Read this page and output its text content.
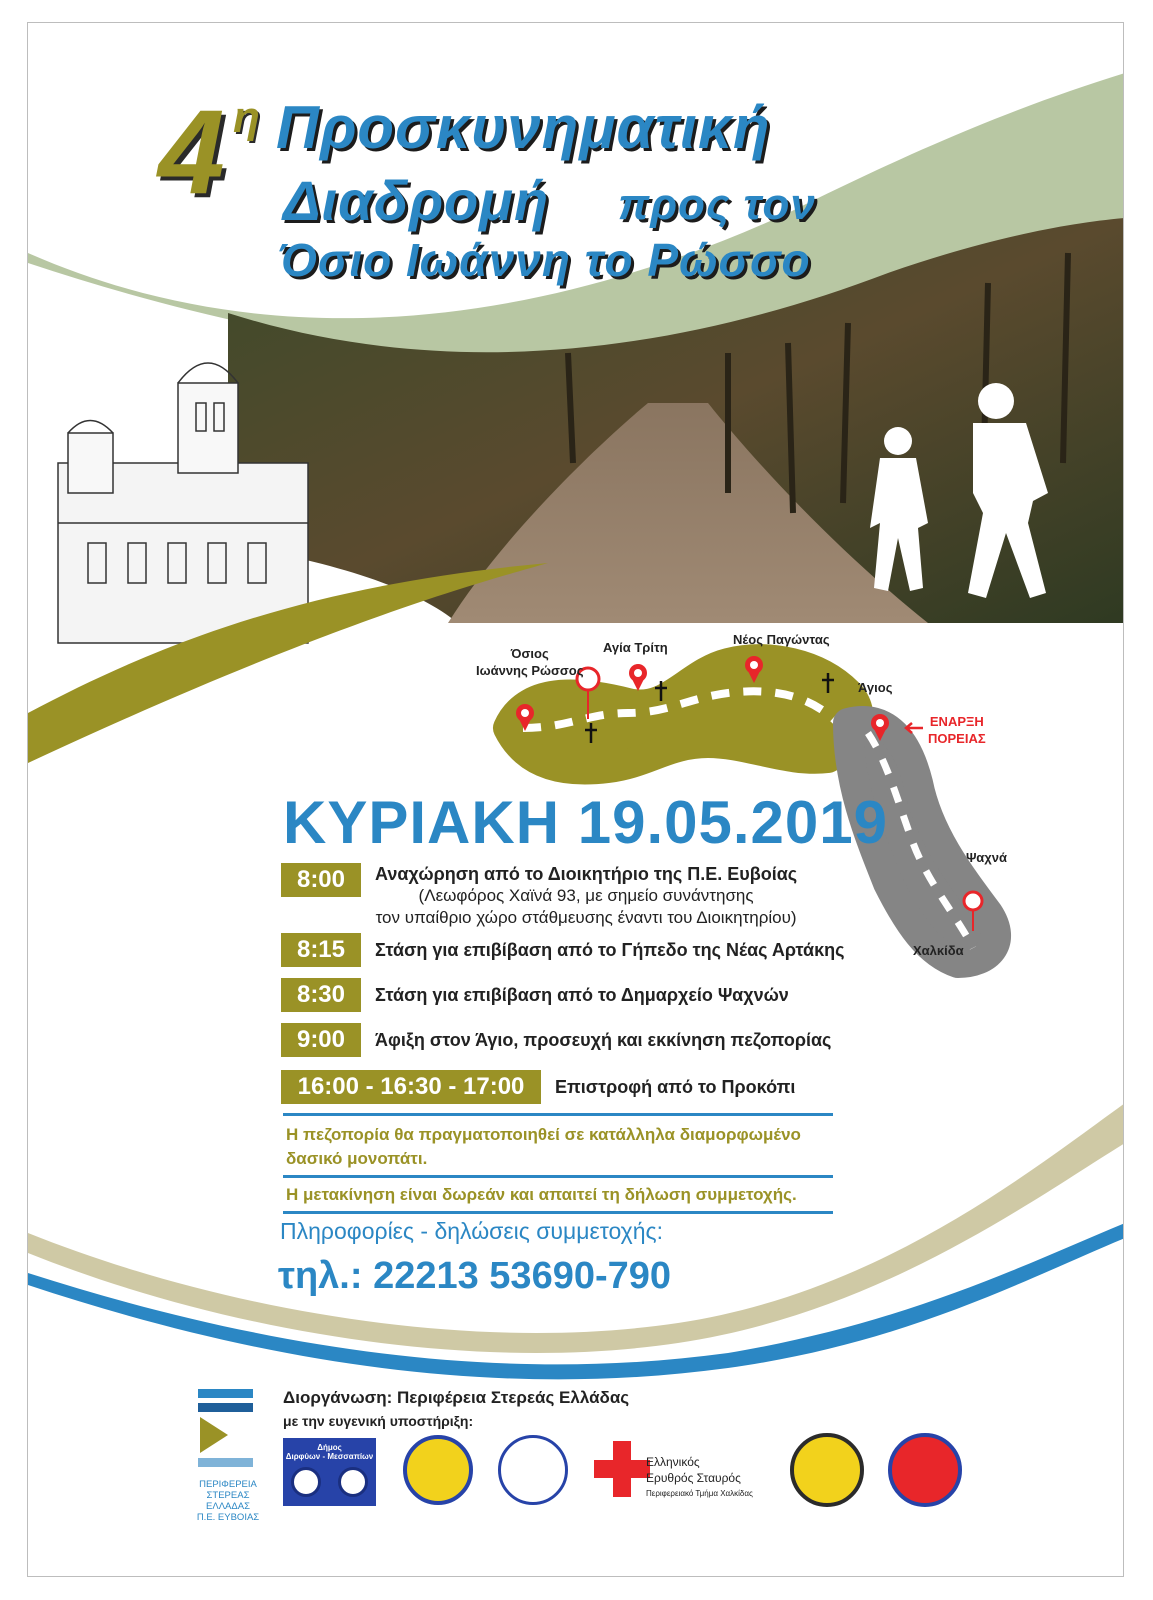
4 η Προσκυνηματική
Διαδρομή προς τον
Όσιο Ιωάννη το Ρώσσο
Όσιος
Ιωάννης Ρώσσος
Αγία Τρίτη
Νέος Παγώντας
Άγιος
ΕΝΑΡΞΗ
ΠΟΡΕΙΑΣ
Ψαχνά
Χαλκίδα
ΚΥΡΙΑΚΗ 19.05.2019
8:00	Αναχώρηση από το Διοικητήριο της Π.Ε. Ευβοίας
(Λεωφόρος Χαϊνά 93, με σημείο συνάντησης
τον υπαίθριο χώρο στάθμευσης έναντι του Διοικητηρίου)
8:15	Στάση για επιβίβαση από το Γήπεδο της Νέας Αρτάκης
8:30	Στάση για επιβίβαση από το Δημαρχείο Ψαχνών
9:00	Άφιξη στον Άγιο, προσευχή και εκκίνηση πεζοπορίας
16:00 - 16:30 - 17:00	Επιστροφή από το Προκόπι
Η πεζοπορία θα πραγματοποιηθεί σε κατάλληλα διαμορφωμένο δασικό μονοπάτι.
Η μετακίνηση είναι δωρεάν και απαιτεί τη δήλωση συμμετοχής.
Πληροφορίες - δηλώσεις συμμετοχής:
τηλ.: 22213 53690-790
ΠΕΡΙΦΕΡΕΙΑ
ΣΤΕΡΕΑΣ
ΕΛΛΑΔΑΣ
Π.Ε. ΕΥΒΟΙΑΣ
Διοργάνωση: Περιφέρεια Στερεάς Ελλάδας
με την ευγενική υποστήριξη:
Δήμος
Διρφύων - Μεσσαπίων	Ελληνικός
Ερυθρός Σταυρός
Περιφερειακό Τμήμα Χαλκίδας
